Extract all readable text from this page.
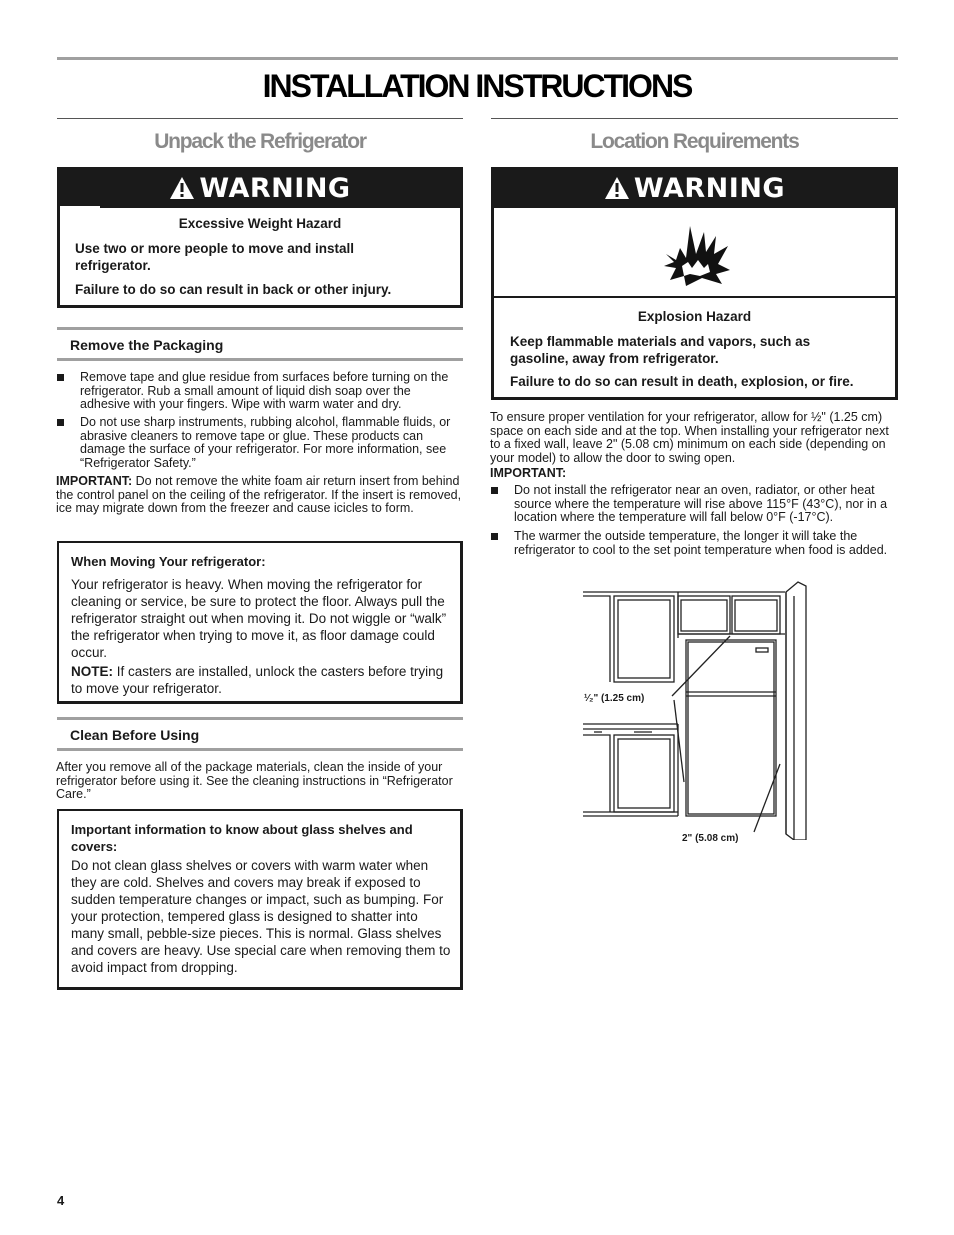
INSTALLATION INSTRUCTIONS
Unpack the Refrigerator	Location Requirements
WARNING
Excessive Weight Hazard
Use two or more people to move and install refrigerator.
Failure to do so can result in back or other injury.
Remove the Packaging
Remove tape and glue residue from surfaces before turning on the refrigerator. Rub a small amount of liquid dish soap over the adhesive with your fingers. Wipe with warm water and dry.
Do not use sharp instruments, rubbing alcohol, flammable fluids, or abrasive cleaners to remove tape or glue. These products can damage the surface of your refrigerator. For more information, see “Refrigerator Safety.”
IMPORTANT: Do not remove the white foam air return insert from behind the control panel on the ceiling of the refrigerator. If the insert is removed, ice may migrate down from the freezer and cause icicles to form.
When Moving Your refrigerator:
Your refrigerator is heavy. When moving the refrigerator for cleaning or service, be sure to protect the floor. Always pull the refrigerator straight out when moving it. Do not wiggle or “walk” the refrigerator when trying to move it, as floor damage could occur.
NOTE: If casters are installed, unlock the casters before trying to move your refrigerator.
Clean Before Using
After you remove all of the package materials, clean the inside of your refrigerator before using it. See the cleaning instructions in “Refrigerator Care.”
Important information to know about glass shelves and covers:
Do not clean glass shelves or covers with warm water when they are cold. Shelves and covers may break if exposed to sudden temperature changes or impact, such as bumping. For your protection, tempered glass is designed to shatter into many small, pebble-size pieces. This is normal. Glass shelves and covers are heavy. Use special care when removing them to avoid impact from dropping.
WARNING
Explosion Hazard
Keep flammable materials and vapors, such as gasoline, away from refrigerator.
Failure to do so can result in death, explosion, or fire.
To ensure proper ventilation for your refrigerator, allow for ½" (1.25 cm) space on each side and at the top. When installing your refrigerator next to a fixed wall, leave 2" (5.08 cm) minimum on each side (depending on your model) to allow the door to swing open.
IMPORTANT:
Do not install the refrigerator near an oven, radiator, or other heat source where the temperature will rise above 115°F (43°C), nor in a location where the temperature will fall below 0°F (-17°C).
The warmer the outside temperature, the longer it will take the refrigerator to cool to the set point temperature when food is added.
¹⁄₂" (1.25 cm)
2" (5.08 cm)
4
